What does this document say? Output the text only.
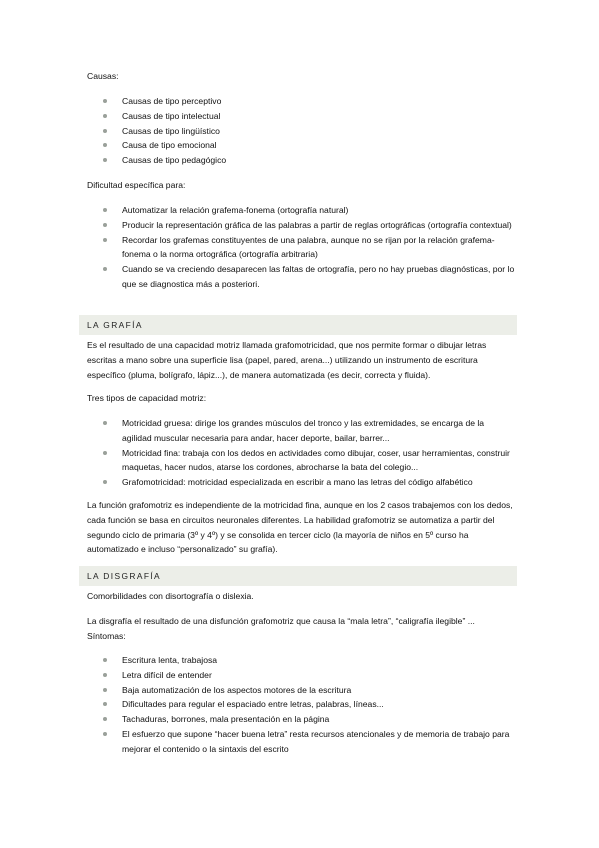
Causas:

Causas de tipo perceptivo
Causas de tipo intelectual
Causas de tipo lingüístico
Causa de tipo emocional
Causas de tipo pedagógico

Dificultad específica para:

Automatizar la relación grafema-fonema (ortografía natural)
Producir la representación gráfica de las palabras a partir de reglas ortográficas (ortografía contextual)
Recordar los grafemas constituyentes de una palabra, aunque no se rijan por la relación grafema-fonema o la norma ortográfica (ortografía arbitraria)
Cuando se va creciendo desaparecen las faltas de ortografía, pero no hay pruebas diagnósticas, por lo que se diagnostica más a posteriori.
LA GRAFÍA

Es el resultado de una capacidad motriz llamada grafomotricidad, que nos permite formar o dibujar letras escritas a mano sobre una superficie lisa (papel, pared, arena...) utilizando un instrumento de escritura específico (pluma, bolígrafo, lápiz...), de manera automatizada (es decir, correcta y fluida).

Tres tipos de capacidad motriz:

Motricidad gruesa: dirige los grandes músculos del tronco y las extremidades, se encarga de la agilidad muscular necesaria para andar, hacer deporte, bailar, barrer...
Motricidad fina: trabaja con los dedos en actividades como dibujar, coser, usar herramientas, construir maquetas, hacer nudos, atarse los cordones, abrocharse la bata del colegio...
Grafomotricidad: motricidad especializada en escribir a mano las letras del código alfabético

La función grafomotriz es independiente de la motricidad fina, aunque en los 2 casos trabajemos con los dedos, cada función se basa en circuitos neuronales diferentes. La habilidad grafomotriz se automatiza a partir del segundo ciclo de primaria (3º y 4º) y se consolida en tercer ciclo (la mayoría de niños en 5º curso ha automatizado e incluso “personalizado” su grafía).

LA DISGRAFÍA

Comorbilidades con disortografía o dislexia.

La disgrafía el resultado de una disfunción grafomotriz que causa la “mala letra”, “caligrafía ilegible” ... Síntomas:

Escritura lenta, trabajosa
Letra difícil de entender
Baja automatización de los aspectos motores de la escritura
Dificultades para regular el espaciado entre letras, palabras, líneas...
Tachaduras, borrones, mala presentación en la página
El esfuerzo que supone “hacer buena letra” resta recursos atencionales y de memoria de trabajo para mejorar el contenido o la sintaxis del escrito
